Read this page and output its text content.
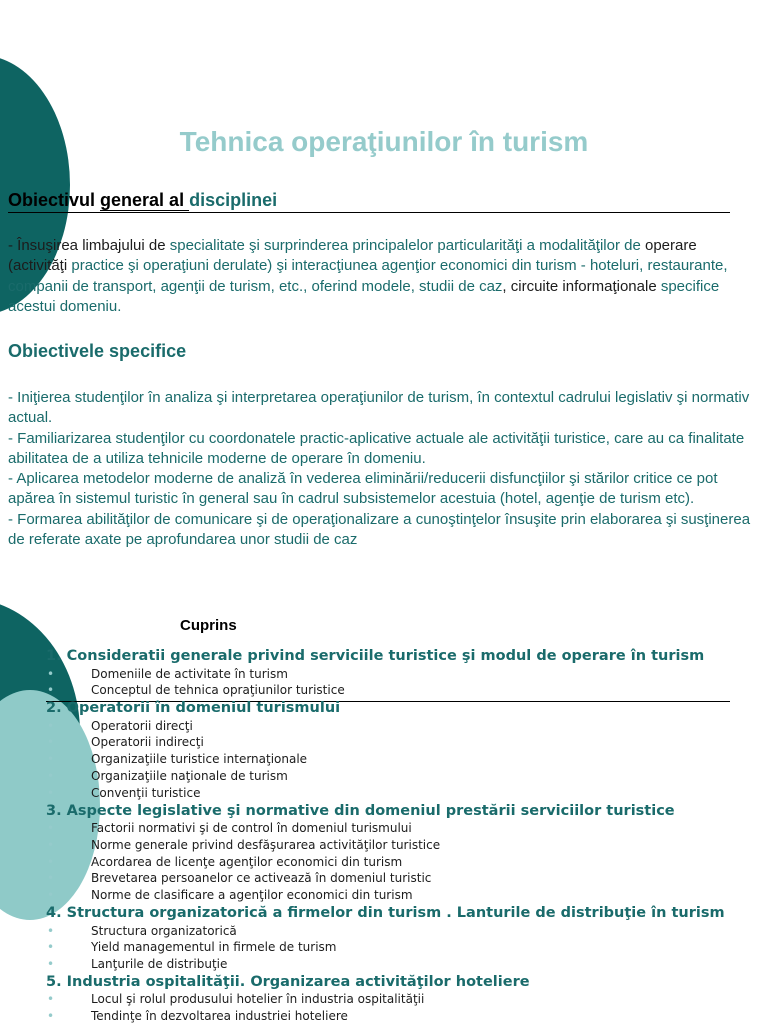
Tehnica operaţiunilor în turism
Obiectivul general al disciplinei
- Însuşirea limbajului de specialitate şi surprinderea principalelor particularităţi a modalităţilor de operare (activităţi practice şi operaţiuni derulate) şi interacţiunea agenţior economici din turism - hoteluri, restaurante, companii de transport, agenţii de turism, etc., oferind modele, studii de caz, circuite informaţionale specifice acestui domeniu.
Obiectivele specifice
- Iniţierea studenţilor în analiza şi interpretarea operaţiunilor de turism, în contextul cadrului legislativ şi normativ actual.
- Familiarizarea studenţilor cu coordonatele practic-aplicative actuale ale activităţii turistice, care au ca finalitate abilitatea de a utiliza tehnicile moderne de operare în domeniu.
- Aplicarea metodelor moderne de analiză în vederea eliminării/reducerii disfuncţiilor şi stărilor critice ce pot apărea în sistemul turistic în general sau în cadrul subsistemelor acestuia (hotel, agenţie de turism etc).
- Formarea abilităţilor de comunicare şi de operaţionalizare a cunoştinţelor însuşite prin elaborarea şi susţinerea de referate axate pe aprofundarea unor studii de caz
Cuprins
1. Consideratii generale privind serviciile turistice şi modul de operare în turism
•	Domeniile de activitate în turism
•	Conceptul de tehnica opraţiunilor turistice
2. Operatorii în domeniul turismului
•	Operatorii direcţi
•	Operatorii indirecţi
•	Organizaţiile turistice internaţionale
•	Organizaţiile naţionale de turism
•	Convenţii turistice
3. Aspecte legislative şi normative din domeniul prestării serviciilor turistice
•	Factorii normativi şi de control în domeniul turismului
•	Norme generale privind desfăşurarea activităţilor turistice
•	Acordarea de licenţe agenţilor economici din turism
•	Brevetarea persoanelor ce activează în domeniul turistic
•	Norme de clasificare a agenţilor economici din turism
4. Structura organizatorică a firmelor din turism . Lanturile de distribuţie în turism
•	Structura organizatorică
•	Yield managementul in firmele de turism
•	Lanţurile de distribuţie
5. Industria ospitalităţii. Organizarea activităţilor hoteliere
•	Locul şi rolul produsului hotelier în industria ospitalităţii
•	Tendinţe în dezvoltarea industriei hoteliere
